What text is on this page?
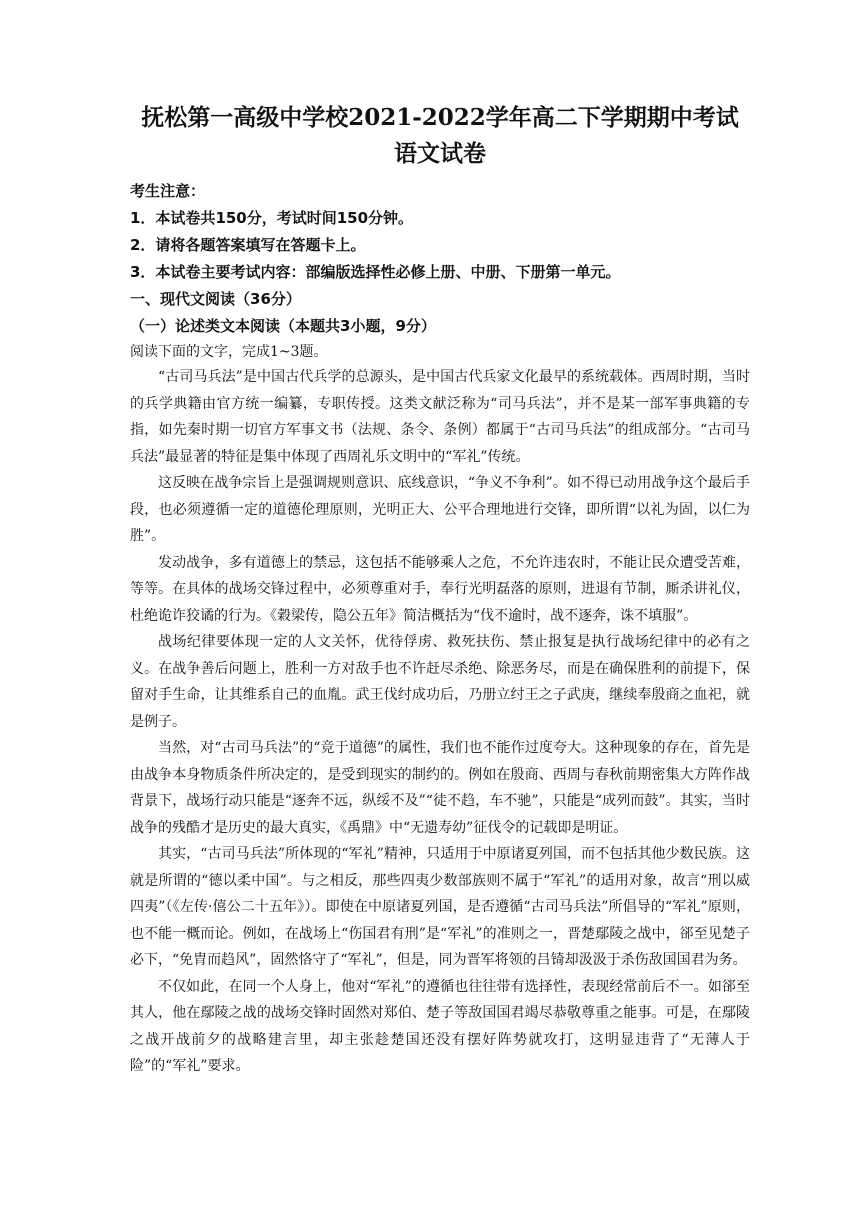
抚松第一高级中学校2021-2022学年高二下学期期中考试
语文试卷

考生注意：

1．本试卷共150分，考试时间150分钟。

2．请将各题答案填写在答题卡上。

3．本试卷主要考试内容：部编版选择性必修上册、中册、下册第一单元。

一、现代文阅读（36分）

（一）论述类文本阅读（本题共3小题，9分）

阅读下面的文字，完成1~3题。

“古司马兵法”是中国古代兵学的总源头，是中国古代兵家文化最早的系统载体。西周时期，当时的兵学典籍由官方统一编纂，专职传授。这类文献泛称为“司马兵法”，并不是某一部军事典籍的专指，如先秦时期一切官方军事文书（法规、条令、条例）都属于“古司马兵法”的组成部分。“古司马兵法”最显著的特征是集中体现了西周礼乐文明中的“军礼”传统。

这反映在战争宗旨上是强调规则意识、底线意识，“争义不争利”。如不得已动用战争这个最后手段，也必须遵循一定的道德伦理原则，光明正大、公平合理地进行交锋，即所谓“以礼为固，以仁为胜”。

发动战争，多有道德上的禁忌，这包括不能够乘人之危，不允许违农时，不能让民众遭受苦难，等等。在具体的战场交锋过程中，必须尊重对手，奉行光明磊落的原则，进退有节制，厮杀讲礼仪，杜绝诡诈狡谲的行为。《穀梁传，隐公五年》简洁概括为“伐不逾时，战不逐奔，诛不填服”。

战场纪律要体现一定的人文关怀，优待俘虏、救死扶伤、禁止报复是执行战场纪律中的必有之义。在战争善后问题上，胜利一方对敌手也不许赶尽杀绝、除恶务尽，而是在确保胜利的前提下，保留对手生命，让其维系自己的血胤。武王伐纣成功后，乃册立纣王之子武庚，继续奉殷商之血祀，就是例子。

当然，对“古司马兵法”的“竞于道德”的属性，我们也不能作过度夸大。这种现象的存在，首先是由战争本身物质条件所决定的，是受到现实的制约的。例如在殷商、西周与春秋前期密集大方阵作战背景下，战场行动只能是“逐奔不远，纵绥不及”“徒不趋，车不驰”，只能是“成列而鼓”。其实，当时战争的残酷才是历史的最大真实，《禹鼎》中“无遗寿幼”征伐令的记载即是明证。

其实，“古司马兵法”所体现的“军礼”精神，只适用于中原诸夏列国，而不包括其他少数民族。这就是所谓的“德以柔中国”。与之相反，那些四夷少数部族则不属于“军礼”的适用对象，故言“刑以威四夷”（《左传·僖公二十五年》）。即使在中原诸夏列国，是否遵循“古司马兵法”所倡导的“军礼”原则，也不能一概而论。例如，在战场上“伤国君有刑”是“军礼”的准则之一，晋楚鄢陵之战中，郤至见楚子必下，“免胄而趋风”，固然恪守了“军礼”，但是，同为晋军将领的吕锜却汲汲于杀伤敌国国君为务。

不仅如此，在同一个人身上，他对“军礼”的遵循也往往带有选择性，表现经常前后不一。如郤至其人，他在鄢陵之战的战场交锋时固然对郑伯、楚子等敌国国君竭尽恭敬尊重之能事。可是，在鄢陵之战开战前夕的战略建言里，却主张趁楚国还没有摆好阵势就攻打，这明显违背了“无薄人于险”的“军礼”要求。
